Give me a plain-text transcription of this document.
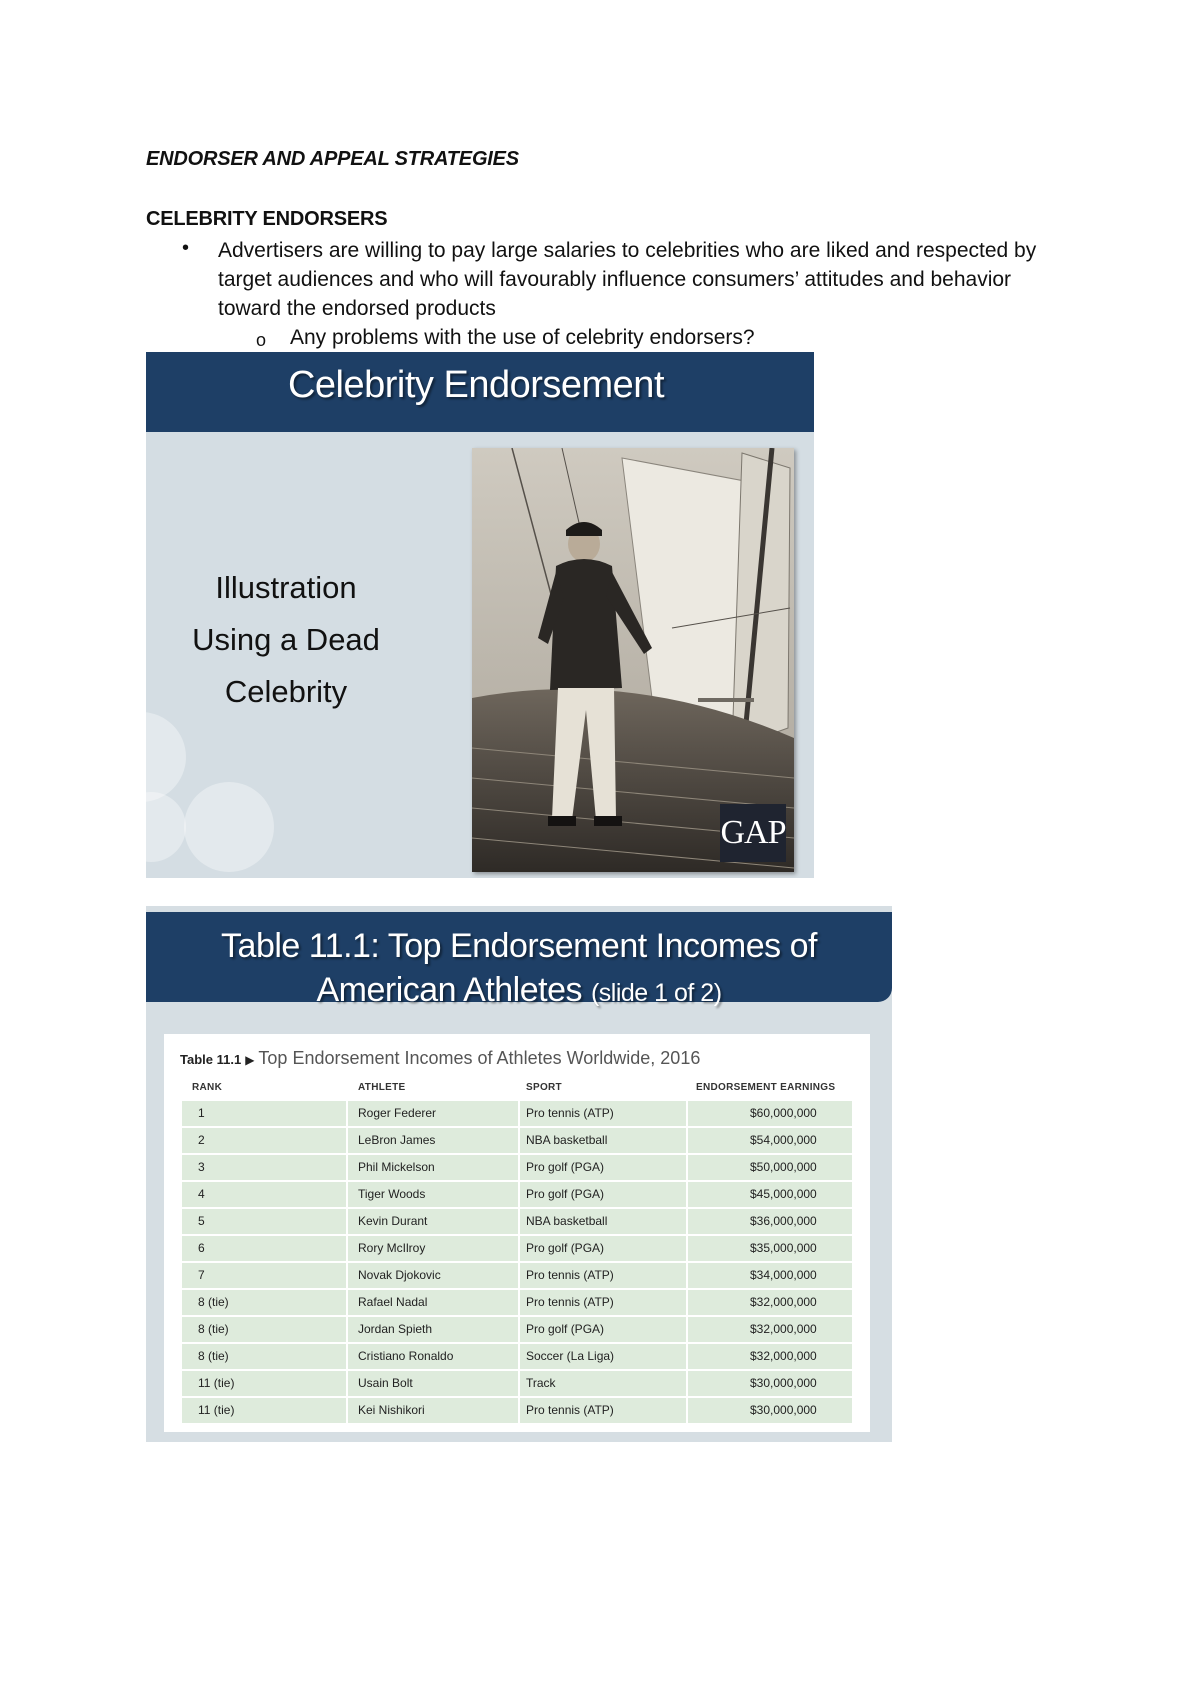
ENDORSER AND APPEAL STRATEGIES
CELEBRITY ENDORSERS
• Advertisers are willing to pay large salaries to celebrities who are liked and respected by target audiences and who will favourably influence consumers’ attitudes and behavior toward the endorsed products
o Any problems with the use of celebrity endorsers?
Celebrity Endorsement
Illustration
Using a Dead
Celebrity
GAP
Table 11.1: Top Endorsement Incomes of
American Athletes (slide 1 of 2)
Table 11.1 ▶ Top Endorsement Incomes of Athletes Worldwide, 2016
RANK	ATHLETE	SPORT	ENDORSEMENT EARNINGS
1	Roger Federer	Pro tennis (ATP)	$60,000,000
2	LeBron James	NBA basketball	$54,000,000
3	Phil Mickelson	Pro golf (PGA)	$50,000,000
4	Tiger Woods	Pro golf (PGA)	$45,000,000
5	Kevin Durant	NBA basketball	$36,000,000
6	Rory McIlroy	Pro golf (PGA)	$35,000,000
7	Novak Djokovic	Pro tennis (ATP)	$34,000,000
8 (tie)	Rafael Nadal	Pro tennis (ATP)	$32,000,000
8 (tie)	Jordan Spieth	Pro golf (PGA)	$32,000,000
8 (tie)	Cristiano Ronaldo	Soccer (La Liga)	$32,000,000
11 (tie)	Usain Bolt	Track	$30,000,000
11 (tie)	Kei Nishikori	Pro tennis (ATP)	$30,000,000
